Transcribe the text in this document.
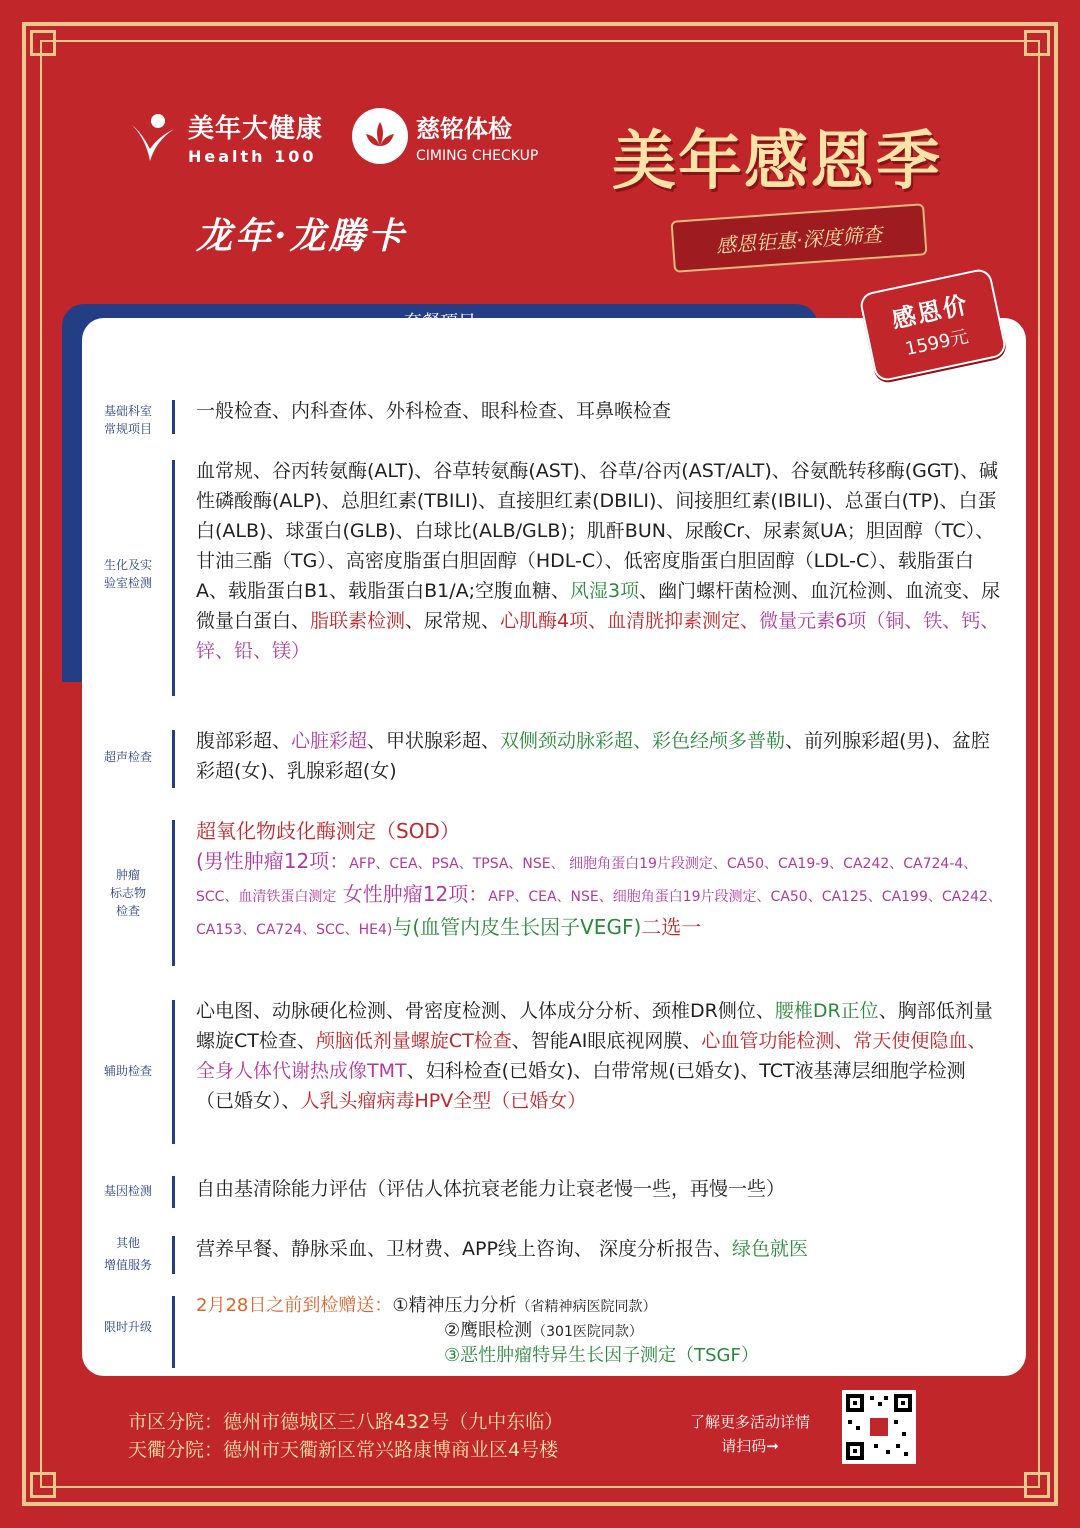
美年大健康
Health 100
慈铭体检
CIMING CHECKUP 美年感恩季
感恩钜惠·深度筛查
龙年·龙腾卡
感恩价
1599元
基础科室
常规项目
一般检查、内科查体、外科检查、眼科检查、耳鼻喉检查
生化及实
验室检测
血常规、谷丙转氨酶(ALT)、谷草转氨酶(AST)、谷草/谷丙(AST/ALT)、谷氨酰转移酶(GGT)、碱性磷酸酶(ALP)、总胆红素(TBILI)、直接胆红素(DBILI)、间接胆红素(IBILI)、总蛋白(TP)、白蛋白(ALB)、球蛋白(GLB)、白球比(ALB/GLB)；肌酐BUN、尿酸Cr、尿素氮UA；胆固醇（TC）、甘油三酯（TG）、高密度脂蛋白胆固醇（HDL-C）、低密度脂蛋白胆固醇（LDL-C）、载脂蛋白A、载脂蛋白B1、载脂蛋白B1/A;空腹血糖、风湿3项、幽门螺杆菌检测、血沉检测、血流变、尿微量白蛋白、脂联素检测、尿常规、心肌酶4项、血清胱抑素测定、微量元素6项（铜、铁、钙、锌、铅、镁）
超声检查
腹部彩超、心脏彩超、甲状腺彩超、双侧颈动脉彩超、彩色经颅多普勒、前列腺彩超(男)、盆腔彩超(女)、乳腺彩超(女)
肿瘤
标志物
检查
超氧化物歧化酶测定（SOD）
(男性肿瘤12项：AFP、CEA、PSA、TPSA、NSE、 细胞角蛋白19片段测定、CA50、CA19-9、CA242、CA724-4、SCC、血清铁蛋白测定 女性肿瘤12项：AFP、CEA、NSE、细胞角蛋白19片段测定、CA50、CA125、CA199、CA242、CA153、CA724、SCC、HE4)与(血管内皮生长因子VEGF)二选一
辅助检查
心电图、动脉硬化检测、骨密度检测、人体成分分析、颈椎DR侧位、腰椎DR正位、胸部低剂量螺旋CT检查、颅脑低剂量螺旋CT检查、智能AI眼底视网膜、心血管功能检测、常天使便隐血、全身人体代谢热成像TMT、妇科检查(已婚女)、白带常规(已婚女)、TCT液基薄层细胞学检测（已婚女）、人乳头瘤病毒HPV全型（已婚女）
基因检测	自由基清除能力评估（评估人体抗衰老能力让衰老慢一些，再慢一些）
其他
增值服务
营养早餐、静脉采血、卫材费、APP线上咨询、 深度分析报告、绿色就医
限时升级
2月28日之前到检赠送：①精神压力分析（省精神病医院同款）
②鹰眼检测（301医院同款）
③恶性肿瘤特异生长因子测定（TSGF）
市区分院：德州市德城区三八路432号（九中东临）
天衢分院：德州市天衢新区常兴路康博商业区4号楼
了解更多活动详情
请扫码➞
